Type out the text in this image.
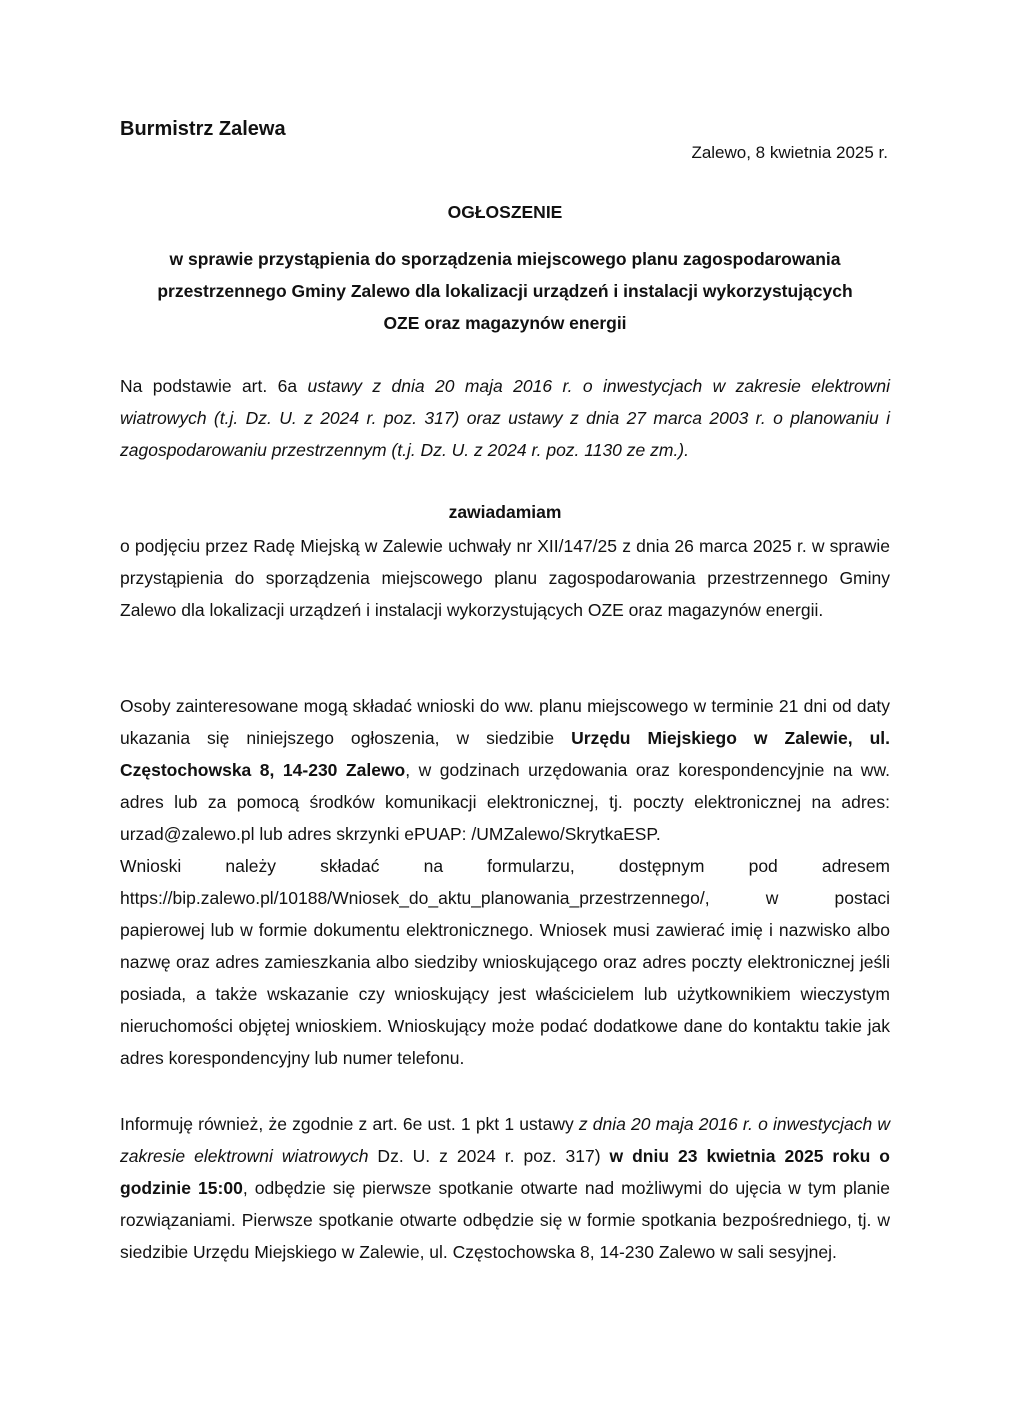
Burmistrz Zalewa

Zalewo, 8 kwietnia 2025 r.

OGŁOSZENIE

w sprawie przystąpienia do sporządzenia miejscowego planu zagospodarowania
przestrzennego Gminy Zalewo dla lokalizacji urządzeń i instalacji wykorzystujących
OZE oraz magazynów energii

Na podstawie art. 6a ustawy z dnia 20 maja 2016 r. o inwestycjach w zakresie elektrowni wiatrowych (t.j. Dz. U. z 2024 r. poz. 317) oraz ustawy z dnia 27 marca 2003 r. o planowaniu i zagospodarowaniu przestrzennym (t.j. Dz. U. z 2024 r. poz. 1130 ze zm.).

zawiadamiam

o podjęciu przez Radę Miejską w Zalewie uchwały nr XII/147/25 z dnia 26 marca 2025 r. w sprawie przystąpienia do sporządzenia miejscowego planu zagospodarowania przestrzennego Gminy Zalewo dla lokalizacji urządzeń i instalacji wykorzystujących OZE oraz magazynów energii.

Osoby zainteresowane mogą składać wnioski do ww. planu miejscowego w terminie 21 dni od daty ukazania się niniejszego ogłoszenia, w siedzibie Urzędu Miejskiego w Zalewie, ul. Częstochowska 8, 14-230 Zalewo, w godzinach urzędowania oraz korespondencyjnie na ww. adres lub za pomocą środków komunikacji elektronicznej, tj. poczty elektronicznej na adres: urzad@zalewo.pl lub adres skrzynki ePUAP: /UMZalewo/SkrytkaESP.

Wnioski należy składać na formularzu, dostępnym pod adresem
https://bip.zalewo.pl/10188/Wniosek_do_aktu_planowania_przestrzennego/, w postaci
papierowej lub w formie dokumentu elektronicznego. Wniosek musi zawierać imię i nazwisko albo nazwę oraz adres zamieszkania albo siedziby wnioskującego oraz adres poczty elektronicznej jeśli posiada, a także wskazanie czy wnioskujący jest właścicielem lub użytkownikiem wieczystym nieruchomości objętej wnioskiem. Wnioskujący może podać dodatkowe dane do kontaktu takie jak adres korespondencyjny lub numer telefonu.

Informuję również, że zgodnie z art. 6e ust. 1 pkt 1 ustawy z dnia 20 maja 2016 r. o inwestycjach w zakresie elektrowni wiatrowych Dz. U. z 2024 r. poz. 317) w dniu 23 kwietnia 2025 roku o godzinie 15:00, odbędzie się pierwsze spotkanie otwarte nad możliwymi do ujęcia w tym planie rozwiązaniami. Pierwsze spotkanie otwarte odbędzie się w formie spotkania bezpośredniego, tj. w siedzibie Urzędu Miejskiego w Zalewie, ul. Częstochowska 8, 14-230 Zalewo w sali sesyjnej.
